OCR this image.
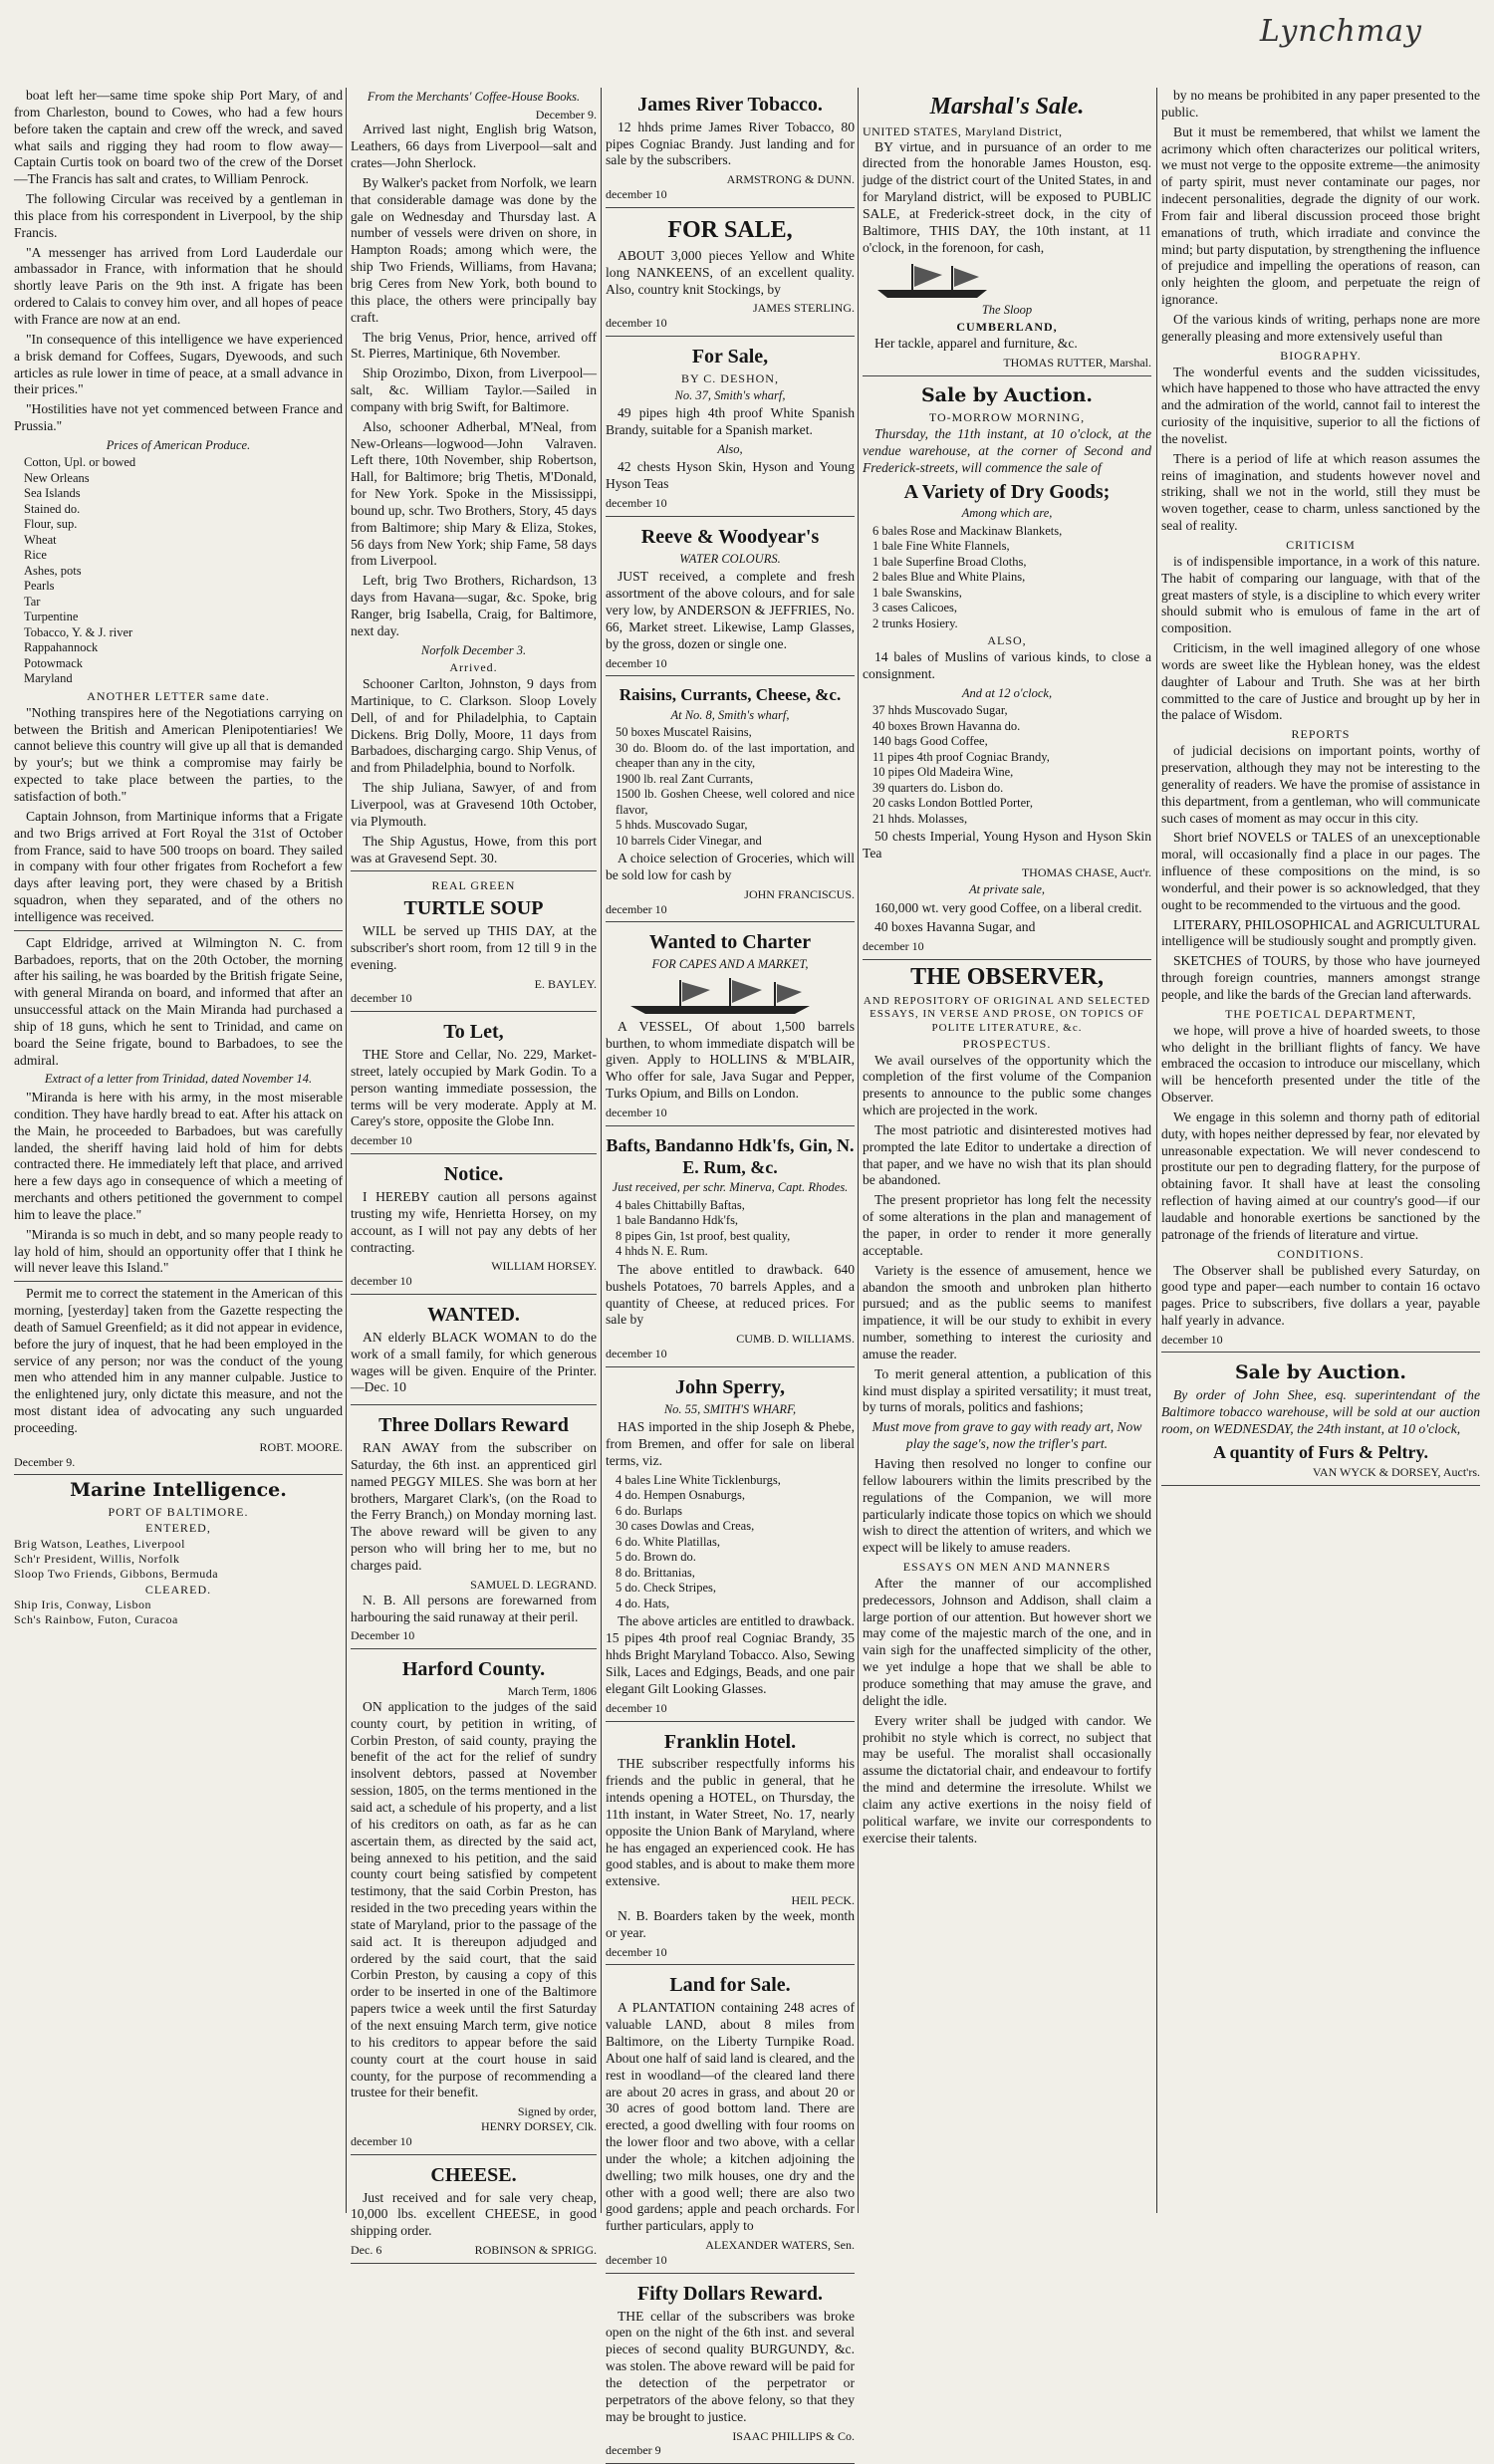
Lynchmay

boat left her—same time spoke ship Port Mary, of and from Charleston, bound to Cowes, who had a few hours before taken the captain and crew off the wreck, and saved what sails and rigging they had room to flow away—Captain Curtis took on board two of the crew of the Dorset—The Francis has salt and crates, to William Penrock.

The following Circular was received by a gentleman in this place from his correspondent in Liverpool, by the ship Francis.

"A messenger has arrived from Lord Lauderdale our ambassador in France, with information that he should shortly leave Paris on the 9th inst. A frigate has been ordered to Calais to convey him over, and all hopes of peace with France are now at an end.

"In consequence of this intelligence we have experienced a brisk demand for Coffees, Sugars, Dyewoods, and such articles as rule lower in time of peace, at a small advance in their prices."

"Hostilities have not yet commenced between France and Prussia."

Prices of American Produce.
Cotton, Upl. or bowed
New Orleans
Sea Islands
Stained do.
Flour, sup.
Wheat
Rice
Ashes, pots
Pearls
Tar
Turpentine
Tobacco, Y. & J. river
Rappahannock
Potowmack
Maryland
ANOTHER LETTER same date.

"Nothing transpires here of the Negotiations carrying on between the British and American Plenipotentiaries! We cannot believe this country will give up all that is demanded by your's; but we think a compromise may fairly be expected to take place between the parties, to the satisfaction of both."

Captain Johnson, from Martinique informs that a Frigate and two Brigs arrived at Fort Royal the 31st of October from France, said to have 500 troops on board. They sailed in company with four other frigates from Rochefort a few days after leaving port, they were chased by a British squadron, when they separated, and of the others no intelligence was received.

Capt Eldridge, arrived at Wilmington N. C. from Barbadoes, reports, that on the 20th October, the morning after his sailing, he was boarded by the British frigate Seine, with general Miranda on board, and informed that after an unsuccessful attack on the Main Miranda had purchased a ship of 18 guns, which he sent to Trinidad, and came on board the Seine frigate, bound to Barbadoes, to see the admiral.

Extract of a letter from Trinidad, dated November 14.

"Miranda is here with his army, in the most miserable condition. They have hardly bread to eat. After his attack on the Main, he proceeded to Barbadoes, but was carefully landed, the sheriff having laid hold of him for debts contracted there. He immediately left that place, and arrived here a few days ago in consequence of which a meeting of merchants and others petitioned the government to compel him to leave the place."

"Miranda is so much in debt, and so many people ready to lay hold of him, should an opportunity offer that I think he will never leave this Island."

Permit me to correct the statement in the American of this morning, [yesterday] taken from the Gazette respecting the death of Samuel Greenfield; as it did not appear in evidence, before the jury of inquest, that he had been employed in the service of any person; nor was the conduct of the young men who attended him in any manner culpable. Justice to the enlightened jury, only dictate this measure, and not the most distant idea of advocating any such unguarded proceeding.

ROBT. MOORE.
December 9.
Marine Intelligence.
PORT OF BALTIMORE.
ENTERED,
Brig Watson, Leathes, Liverpool
Sch'r President, Willis, Norfolk
Sloop Two Friends, Gibbons, Bermuda
CLEARED.
Ship Iris, Conway, Lisbon
Sch's Rainbow, Futon, Curacoa
From the Merchants' Coffee-House Books.
December 9.

Arrived last night, English brig Watson, Leathers, 66 days from Liverpool—salt and crates—John Sherlock.

By Walker's packet from Norfolk, we learn that considerable damage was done by the gale on Wednesday and Thursday last. A number of vessels were driven on shore, in Hampton Roads; among which were, the ship Two Friends, Williams, from Havana; brig Ceres from New York, both bound to this place, the others were principally bay craft.

The brig Venus, Prior, hence, arrived off St. Pierres, Martinique, 6th November.

Ship Orozimbo, Dixon, from Liverpool—salt, &c. William Taylor.—Sailed in company with brig Swift, for Baltimore.

Also, schooner Adherbal, M'Neal, from New-Orleans—logwood—John Valraven. Left there, 10th November, ship Robertson, Hall, for Baltimore; brig Thetis, M'Donald, for New York. Spoke in the Mississippi, bound up, schr. Two Brothers, Story, 45 days from Baltimore; ship Mary & Eliza, Stokes, 56 days from New York; ship Fame, 58 days from Liverpool.

Left, brig Two Brothers, Richardson, 13 days from Havana—sugar, &c. Spoke, brig Ranger, brig Isabella, Craig, for Baltimore, next day.

Norfolk December 3.
Arrived.

Schooner Carlton, Johnston, 9 days from Martinique, to C. Clarkson. Sloop Lovely Dell, of and for Philadelphia, to Captain Dickens. Brig Dolly, Moore, 11 days from Barbadoes, discharging cargo. Ship Venus, of and from Philadelphia, bound to Norfolk.

The ship Juliana, Sawyer, of and from Liverpool, was at Gravesend 10th October, via Plymouth.

The Ship Agustus, Howe, from this port was at Gravesend Sept. 30.

REAL GREEN
TURTLE SOUP

WILL be served up THIS DAY, at the subscriber's short room, from 12 till 9 in the evening.

E. BAYLEY.
december 10
To Let,

THE Store and Cellar, No. 229, Market-street, lately occupied by Mark Godin. To a person wanting immediate possession, the terms will be very moderate. Apply at M. Carey's store, opposite the Globe Inn.

december 10
Notice.

I HEREBY caution all persons against trusting my wife, Henrietta Horsey, on my account, as I will not pay any debts of her contracting.

WILLIAM HORSEY.
december 10
WANTED.

AN elderly BLACK WOMAN to do the work of a small family, for which generous wages will be given. Enquire of the Printer.—Dec. 10

Three Dollars Reward

RAN AWAY from the subscriber on Saturday, the 6th inst. an apprenticed girl named PEGGY MILES. She was born at her brothers, Margaret Clark's, (on the Road to the Ferry Branch,) on Monday morning last. The above reward will be given to any person who will bring her to me, but no charges paid.

SAMUEL D. LEGRAND.

N. B. All persons are forewarned from harbouring the said runaway at their peril.

December 10
Harford County.
March Term, 1806

ON application to the judges of the said county court, by petition in writing, of Corbin Preston, of said county, praying the benefit of the act for the relief of sundry insolvent debtors, passed at November session, 1805, on the terms mentioned in the said act, a schedule of his property, and a list of his creditors on oath, as far as he can ascertain them, as directed by the said act, being annexed to his petition, and the said county court being satisfied by competent testimony, that the said Corbin Preston, has resided in the two preceding years within the state of Maryland, prior to the passage of the said act. It is thereupon adjudged and ordered by the said court, that the said Corbin Preston, by causing a copy of this order to be inserted in one of the Baltimore papers twice a week until the first Saturday of the next ensuing March term, give notice to his creditors to appear before the said county court at the court house in said county, for the purpose of recommending a trustee for their benefit.

Signed by order,
HENRY DORSEY, Clk.
december 10
CHEESE.

Just received and for sale very cheap, 10,000 lbs. excellent CHEESE, in good shipping order.

Dec. 6	ROBINSON & SPRIGG.
James River Tobacco.

12 hhds prime James River Tobacco, 80 pipes Cogniac Brandy. Just landing and for sale by the subscribers.

ARMSTRONG & DUNN.
december 10
FOR SALE,

ABOUT 3,000 pieces Yellow and White long NANKEENS, of an excellent quality. Also, country knit Stockings, by

JAMES STERLING.
december 10
For Sale,
BY C. DESHON,
No. 37, Smith's wharf,

49 pipes high 4th proof White Spanish Brandy, suitable for a Spanish market.

Also,

42 chests Hyson Skin, Hyson and Young Hyson Teas

december 10
Reeve & Woodyear's
WATER COLOURS.

JUST received, a complete and fresh assortment of the above colours, and for sale very low, by ANDERSON & JEFFRIES, No. 66, Market street. Likewise, Lamp Glasses, by the gross, dozen or single one.

december 10
Raisins, Currants, Cheese, &c.
At No. 8, Smith's wharf,
50 boxes Muscatel Raisins,
30 do. Bloom do. of the last importation, and cheaper than any in the city,
1900 lb. real Zant Currants,
1500 lb. Goshen Cheese, well colored and nice flavor,
5 hhds. Muscovado Sugar,
10 barrels Cider Vinegar, and

A choice selection of Groceries, which will be sold low for cash by

JOHN FRANCISCUS.
december 10
Wanted to Charter
FOR CAPES AND A MARKET,

A VESSEL, Of about 1,500 barrels burthen, to whom immediate dispatch will be given. Apply to HOLLINS & M'BLAIR, Who offer for sale, Java Sugar and Pepper, Turks Opium, and Bills on London.

december 10
Bafts, Bandanno Hdk'fs, Gin, N. E. Rum, &c.
Just received, per schr. Minerva, Capt. Rhodes.
4 bales Chittabilly Baftas,
1 bale Bandanno Hdk'fs,
8 pipes Gin, 1st proof, best quality,
4 hhds N. E. Rum.

The above entitled to drawback. 640 bushels Potatoes, 70 barrels Apples, and a quantity of Cheese, at reduced prices. For sale by

CUMB. D. WILLIAMS.
december 10
John Sperry,
No. 55, SMITH'S WHARF,

HAS imported in the ship Joseph & Phebe, from Bremen, and offer for sale on liberal terms, viz.

4 bales Line White Ticklenburgs,
4 do. Hempen Osnaburgs,
6 do. Burlaps
30 cases Dowlas and Creas,
6 do. White Platillas,
5 do. Brown do.
8 do. Brittanias,
5 do. Check Stripes,
4 do. Hats,

The above articles are entitled to drawback. 15 pipes 4th proof real Cogniac Brandy, 35 hhds Bright Maryland Tobacco. Also, Sewing Silk, Laces and Edgings, Beads, and one pair elegant Gilt Looking Glasses.

december 10
Franklin Hotel.

THE subscriber respectfully informs his friends and the public in general, that he intends opening a HOTEL, on Thursday, the 11th instant, in Water Street, No. 17, nearly opposite the Union Bank of Maryland, where he has engaged an experienced cook. He has good stables, and is about to make them more extensive.

HEIL PECK.

N. B. Boarders taken by the week, month or year.

december 10
Land for Sale.

A PLANTATION containing 248 acres of valuable LAND, about 8 miles from Baltimore, on the Liberty Turnpike Road. About one half of said land is cleared, and the rest in woodland—of the cleared land there are about 20 acres in grass, and about 20 or 30 acres of good bottom land. There are erected, a good dwelling with four rooms on the lower floor and two above, with a cellar under the whole; a kitchen adjoining the dwelling; two milk houses, one dry and the other with a good well; there are also two good gardens; apple and peach orchards. For further particulars, apply to

ALEXANDER WATERS, Sen.
december 10
Fifty Dollars Reward.

THE cellar of the subscribers was broke open on the night of the 6th inst. and several pieces of second quality BURGUNDY, &c. was stolen. The above reward will be paid for the detection of the perpetrator or perpetrators of the above felony, so that they may be brought to justice.

ISAAC PHILLIPS & Co.
december 9
Marshal's Sale.
UNITED STATES, Maryland District,

BY virtue, and in pursuance of an order to me directed from the honorable James Houston, esq. judge of the district court of the United States, in and for Maryland district, will be exposed to PUBLIC SALE, at Frederick-street dock, in the city of Baltimore, THIS DAY, the 10th instant, at 11 o'clock, in the forenoon, for cash,

The Sloop
CUMBERLAND,

Her tackle, apparel and furniture, &c.

THOMAS RUTTER, Marshal.
Sale by Auction.
TO-MORROW MORNING,

Thursday, the 11th instant, at 10 o'clock, at the vendue warehouse, at the corner of Second and Frederick-streets, will commence the sale of

A Variety of Dry Goods;
Among which are,
6 bales Rose and Mackinaw Blankets,
1 bale Fine White Flannels,
1 bale Superfine Broad Cloths,
2 bales Blue and White Plains,
1 bale Swanskins,
3 cases Calicoes,
2 trunks Hosiery.
ALSO,

14 bales of Muslins of various kinds, to close a consignment.

And at 12 o'clock,
37 hhds Muscovado Sugar,
40 boxes Brown Havanna do.
140 bags Good Coffee,
11 pipes 4th proof Cogniac Brandy,
10 pipes Old Madeira Wine,
39 quarters do. Lisbon do.
20 casks London Bottled Porter,
21 hhds. Molasses,

50 chests Imperial, Young Hyson and Hyson Skin Tea

THOMAS CHASE, Auct'r.
At private sale,

160,000 wt. very good Coffee, on a liberal credit.

40 boxes Havanna Sugar, and

december 10
THE OBSERVER,
AND REPOSITORY OF ORIGINAL AND SELECTED ESSAYS, IN VERSE AND PROSE, ON TOPICS OF POLITE LITERATURE, &c.
PROSPECTUS.

We avail ourselves of the opportunity which the completion of the first volume of the Companion presents to announce to the public some changes which are projected in the work.

The most patriotic and disinterested motives had prompted the late Editor to undertake a direction of that paper, and we have no wish that its plan should be abandoned.

The present proprietor has long felt the necessity of some alterations in the plan and management of the paper, in order to render it more generally acceptable.

Variety is the essence of amusement, hence we abandon the smooth and unbroken plan hitherto pursued; and as the public seems to manifest impatience, it will be our study to exhibit in every number, something to interest the curiosity and amuse the reader.

To merit general attention, a publication of this kind must display a spirited versatility; it must treat, by turns of morals, politics and fashions;

Must move from grave to gay with ready art, Now play the sage's, now the trifler's part.

Having then resolved no longer to confine our fellow labourers within the limits prescribed by the regulations of the Companion, we will more particularly indicate those topics on which we should wish to direct the attention of writers, and which we expect will be likely to amuse readers.

ESSAYS ON MEN AND MANNERS

After the manner of our accomplished predecessors, Johnson and Addison, shall claim a large portion of our attention. But however short we may come of the majestic march of the one, and in vain sigh for the unaffected simplicity of the other, we yet indulge a hope that we shall be able to produce something that may amuse the grave, and delight the idle.

Every writer shall be judged with candor. We prohibit no style which is correct, no subject that may be useful. The moralist shall occasionally assume the dictatorial chair, and endeavour to fortify the mind and determine the irresolute. Whilst we claim any active exertions in the noisy field of political warfare, we invite our correspondents to exercise their talents.

by no means be prohibited in any paper presented to the public.

But it must be remembered, that whilst we lament the acrimony which often characterizes our political writers, we must not verge to the opposite extreme—the animosity of party spirit, must never contaminate our pages, nor indecent personalities, degrade the dignity of our work. From fair and liberal discussion proceed those bright emanations of truth, which irradiate and convince the mind; but party disputation, by strengthening the influence of prejudice and impelling the operations of reason, can only heighten the gloom, and perpetuate the reign of ignorance.

Of the various kinds of writing, perhaps none are more generally pleasing and more extensively useful than

BIOGRAPHY.

The wonderful events and the sudden vicissitudes, which have happened to those who have attracted the envy and the admiration of the world, cannot fail to interest the curiosity of the inquisitive, superior to all the fictions of the novelist.

There is a period of life at which reason assumes the reins of imagination, and students however novel and striking, shall we not in the world, still they must be woven together, cease to charm, unless sanctioned by the seal of reality.

CRITICISM

is of indispensible importance, in a work of this nature. The habit of comparing our language, with that of the great masters of style, is a discipline to which every writer should submit who is emulous of fame in the art of composition.

Criticism, in the well imagined allegory of one whose words are sweet like the Hyblean honey, was the eldest daughter of Labour and Truth. She was at her birth committed to the care of Justice and brought up by her in the palace of Wisdom.

REPORTS

of judicial decisions on important points, worthy of preservation, although they may not be interesting to the generality of readers. We have the promise of assistance in this department, from a gentleman, who will communicate such cases of moment as may occur in this city.

Short brief NOVELS or TALES of an unexceptionable moral, will occasionally find a place in our pages. The influence of these compositions on the mind, is so wonderful, and their power is so acknowledged, that they ought to be recommended to the virtuous and the good.

LITERARY, PHILOSOPHICAL and AGRICULTURAL intelligence will be studiously sought and promptly given.

SKETCHES of TOURS, by those who have journeyed through foreign countries, manners amongst strange people, and like the bards of the Grecian land afterwards.

THE POETICAL DEPARTMENT,

we hope, will prove a hive of hoarded sweets, to those who delight in the brilliant flights of fancy. We have embraced the occasion to introduce our miscellany, which will be henceforth presented under the title of the Observer.

We engage in this solemn and thorny path of editorial duty, with hopes neither depressed by fear, nor elevated by unreasonable expectation. We will never condescend to prostitute our pen to degrading flattery, for the purpose of obtaining favor. It shall have at least the consoling reflection of having aimed at our country's good—if our laudable and honorable exertions be sanctioned by the patronage of the friends of literature and virtue.

CONDITIONS.

The Observer shall be published every Saturday, on good type and paper—each number to contain 16 octavo pages. Price to subscribers, five dollars a year, payable half yearly in advance.

december 10
Sale by Auction.

By order of John Shee, esq. superintendant of the Baltimore tobacco warehouse, will be sold at our auction room, on WEDNESDAY, the 24th instant, at 10 o'clock,

A quantity of Furs & Peltry.
VAN WYCK & DORSEY, Auct'rs.
